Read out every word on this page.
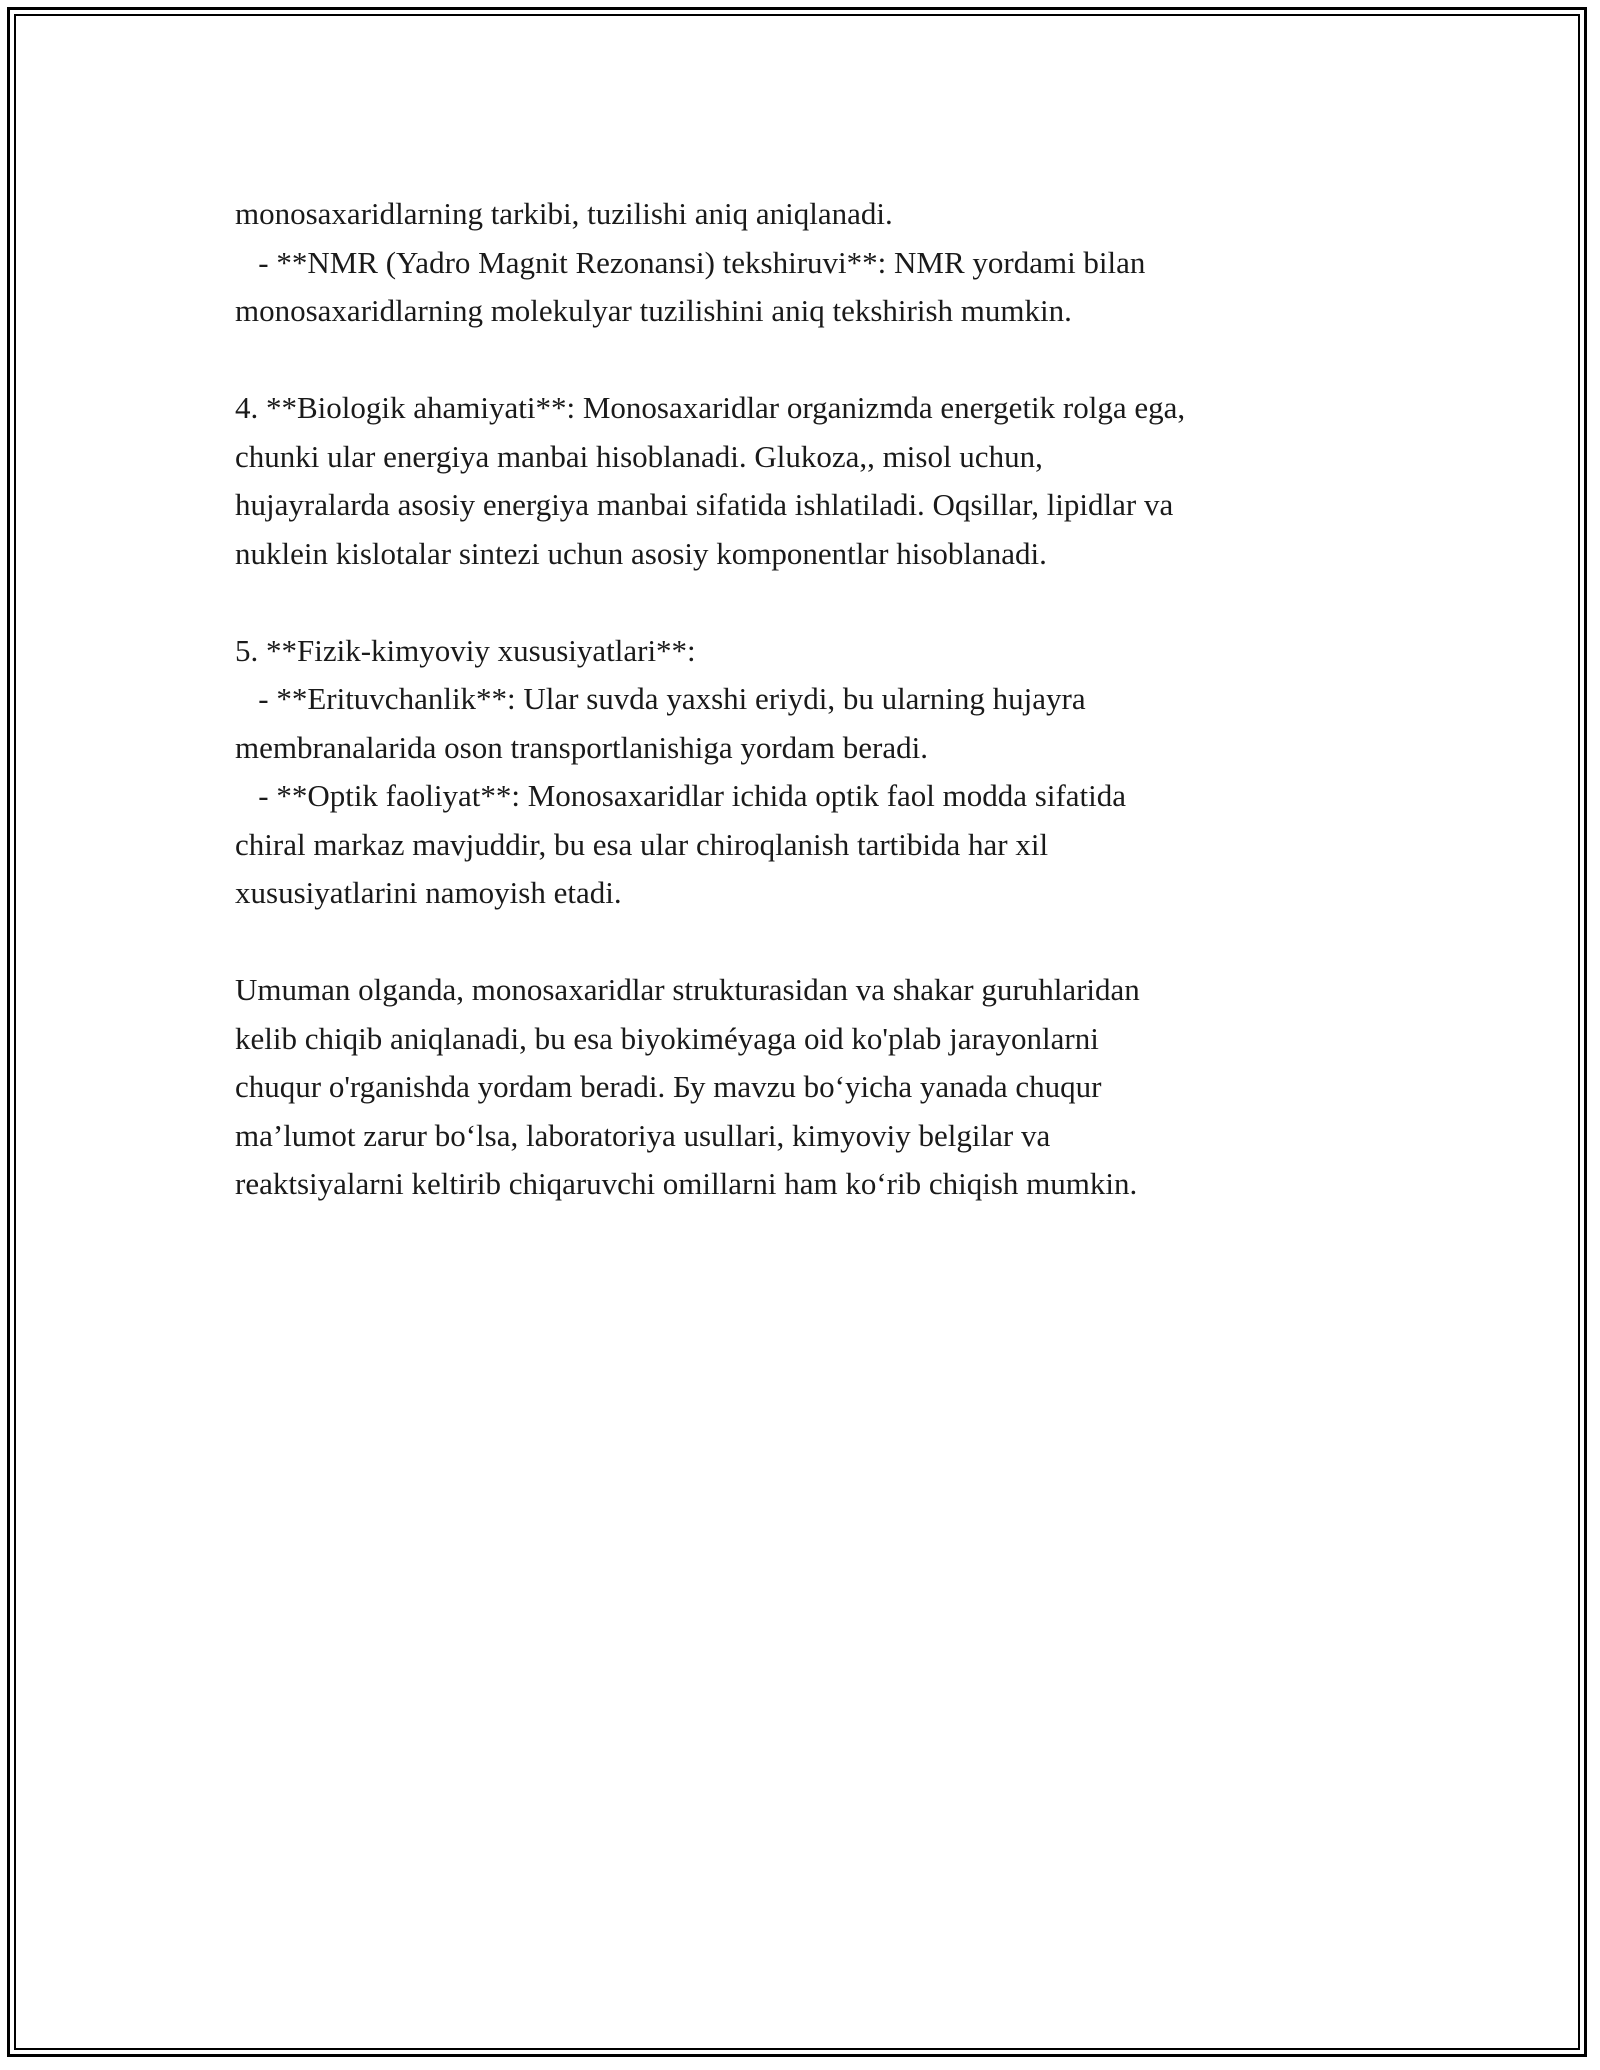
monosaxaridlarning tarkibi, tuzilishi aniq aniqlanadi.
- **NMR (Yadro Magnit Rezonansi) tekshiruvi**: NMR yordami bilan
monosaxaridlarning molekulyar tuzilishini aniq tekshirish mumkin.
4. **Biologik ahamiyati**: Monosaxaridlar organizmda energetik rolga ega,
chunki ular energiya manbai hisoblanadi. Glukoza,, misol uchun,
hujayralarda asosiy energiya manbai sifatida ishlatiladi. Oqsillar, lipidlar va
nuklein kislotalar sintezi uchun asosiy komponentlar hisoblanadi.
5. **Fizik-kimyoviy xususiyatlari**:
- **Erituvchanlik**: Ular suvda yaxshi eriydi, bu ularning hujayra
membranalarida oson transportlanishiga yordam beradi.
- **Optik faoliyat**: Monosaxaridlar ichida optik faol modda sifatida
chiral markaz mavjuddir, bu esa ular chiroqlanish tartibida har xil
xususiyatlarini namoyish etadi.
Umuman olganda, monosaxaridlar strukturasidan va shakar guruhlaridan
kelib chiqib aniqlanadi, bu esa biyokiméyaga oid ko'plab jarayonlarni
chuqur o'rganishda yordam beradi. Бу mavzu bo‘yicha yanada chuqur
ma’lumot zarur bo‘lsa, laboratoriya usullari, kimyoviy belgilar va
reaktsiyalarni keltirib chiqaruvchi omillarni ham ko‘rib chiqish mumkin.
